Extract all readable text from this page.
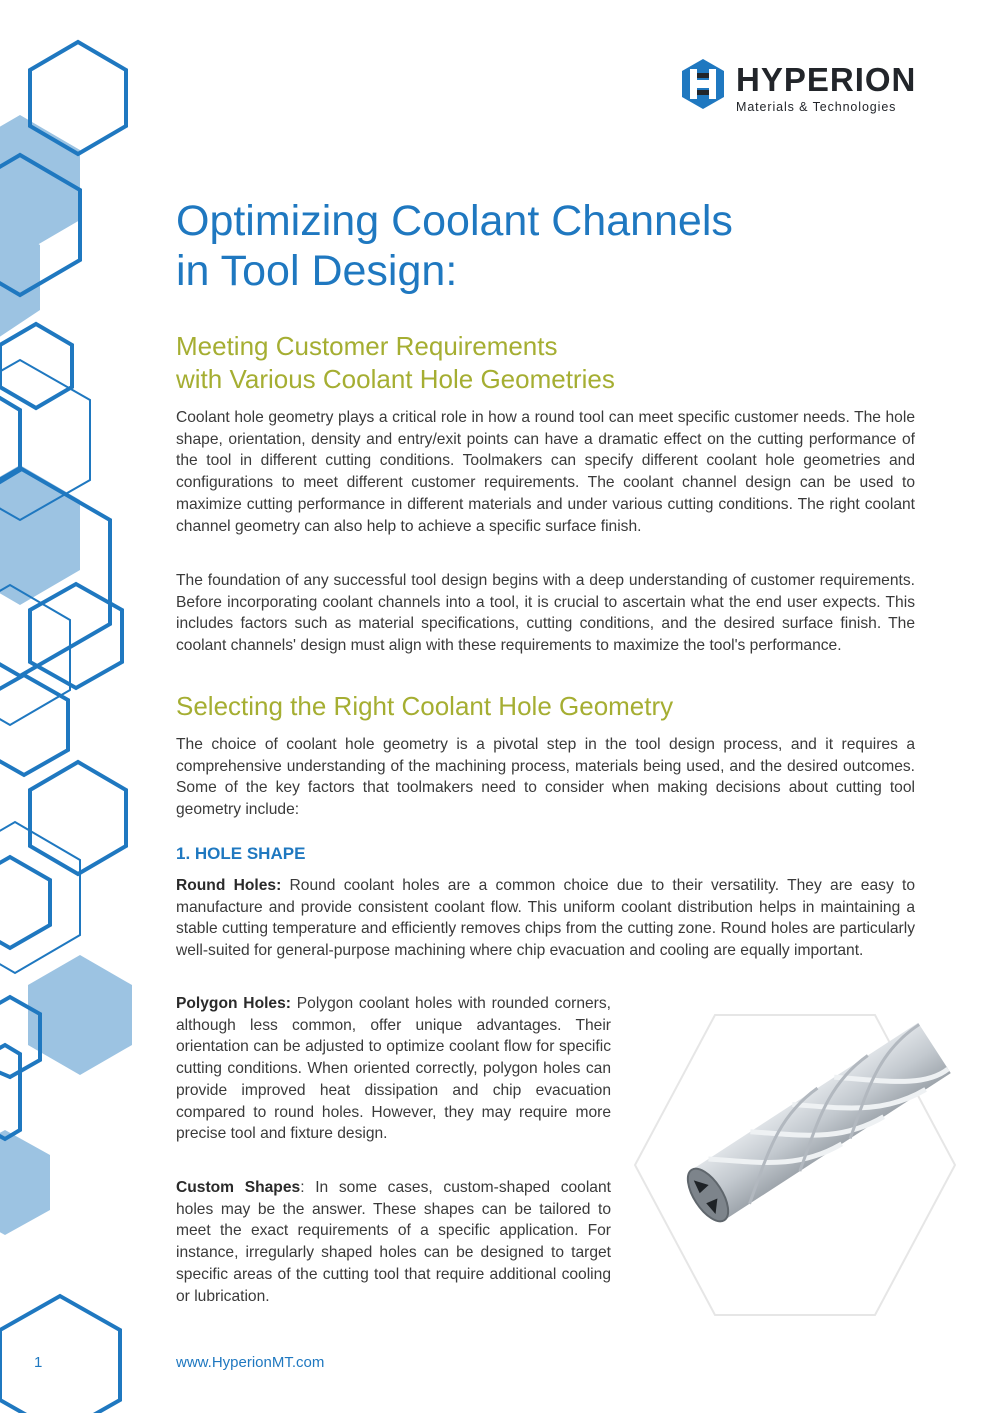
HYPERION
Materials & Technologies
Optimizing Coolant Channels
in Tool Design:
Meeting Customer Requirements
with Various Coolant Hole Geometries

Coolant hole geometry plays a critical role in how a round tool can meet specific customer needs. The hole shape, orientation, density and entry/exit points can have a dramatic effect on the cutting performance of the tool in different cutting conditions. Toolmakers can specify different coolant hole geometries and configurations to meet different customer requirements. The coolant channel design can be used to maximize cutting performance in different materials and under various cutting conditions. The right coolant channel geometry can also help to achieve a specific surface finish.

The foundation of any successful tool design begins with a deep understanding of customer requirements. Before incorporating coolant channels into a tool, it is crucial to ascertain what the end user expects. This includes factors such as material specifications, cutting conditions, and the desired surface finish. The coolant channels' design must align with these requirements to maximize the tool's performance.

Selecting the Right Coolant Hole Geometry

The choice of coolant hole geometry is a pivotal step in the tool design process, and it requires a comprehensive understanding of the machining process, materials being used, and the desired outcomes. Some of the key factors that toolmakers need to consider when making decisions about cutting tool geometry include:

1. HOLE SHAPE

Round Holes: Round coolant holes are a common choice due to their versatility. They are easy to manufacture and provide consistent coolant flow. This uniform coolant distribution helps in maintaining a stable cutting temperature and efficiently removes chips from the cutting zone. Round holes are particularly well-suited for general-purpose machining where chip evacuation and cooling are equally important.

Polygon Holes: Polygon coolant holes with rounded corners, although less common, offer unique advantages. Their orientation can be adjusted to optimize coolant flow for specific cutting conditions. When oriented correctly, polygon holes can provide improved heat dissipation and chip evacuation compared to round holes. However, they may require more precise tool and fixture design.

Custom Shapes: In some cases, custom-shaped coolant holes may be the answer. These shapes can be tailored to meet the exact requirements of a specific application. For instance, irregularly shaped holes can be designed to target specific areas of the cutting tool that require additional cooling or lubrication.

1	www.HyperionMT.com
